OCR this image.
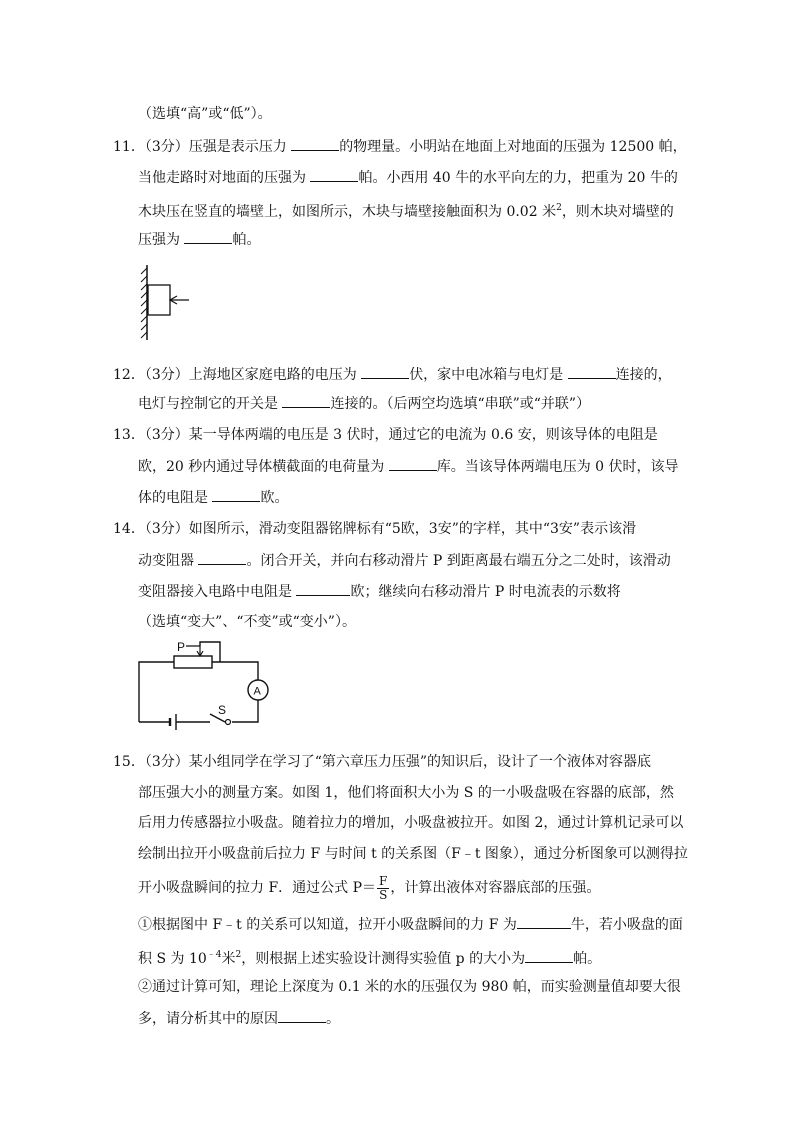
（选填“高”或“低”）。
11．（3分）压强是表示压力	的物理量。小明站在地面上对地面的压强为 12500 帕，
当他走路时对地面的压强为	帕。小西用 40 牛的水平向左的力，把重为 20 牛的
木块压在竖直的墙壁上，如图所示，木块与墙壁接触面积为 0.02 米$^2$，则木块对墙壁的
压强为	帕。
12．（3分）上海地区家庭电路的电压为	伏，家中电冰箱与电灯是	连接的，
电灯与控制它的开关是	连接的。（后两空均选填“串联”或“并联”）
13．（3分）某一导体两端的电压是 3 伏时，通过它的电流为 0.6 安，则该导体的电阻是
欧，20 秒内通过导体横截面的电荷量为	库。当该导体两端电压为 0 伏时，该导
体的电阻是	欧。
14．（3分）如图所示，滑动变阻器铭牌标有“5欧，3安”的字样，其中“3安”表示该滑
动变阻器	。闭合开关，并向右移动滑片 P 到距离最右端五分之二处时，该滑动
变阻器接入电路中电阻是	欧；继续向右移动滑片 P 时电流表的示数将
（选填“变大”、“不变”或“变小”）。
P
A
S
15．（3分）某小组同学在学习了“第六章压力压强”的知识后，设计了一个液体对容器底
部压强大小的测量方案。如图 1，他们将面积大小为 S 的一小吸盘吸在容器的底部，然
后用力传感器拉小吸盘。随着拉力的增加，小吸盘被拉开。如图 2，通过计算机记录可以
绘制出拉开小吸盘前后拉力 F 与时间 t 的关系图（F﹣t 图象），通过分析图象可以测得拉
开小吸盘瞬间的拉力 F．通过公式 $P= \frac{F}{S}$ ，计算出液体对容器底部的压强。
①根据图中 F﹣t 的关系可以知道，拉开小吸盘瞬间的力 F 为	牛，若小吸盘的面
积 S 为 $10^{﹣4}$米$^2$，则根据上述实验设计测得实验值 p 的大小为	帕。
②通过计算可知，理论上深度为 0.1 米的水的压强仅为 980 帕，而实验测量值却要大很
多，请分析其中的原因	。
